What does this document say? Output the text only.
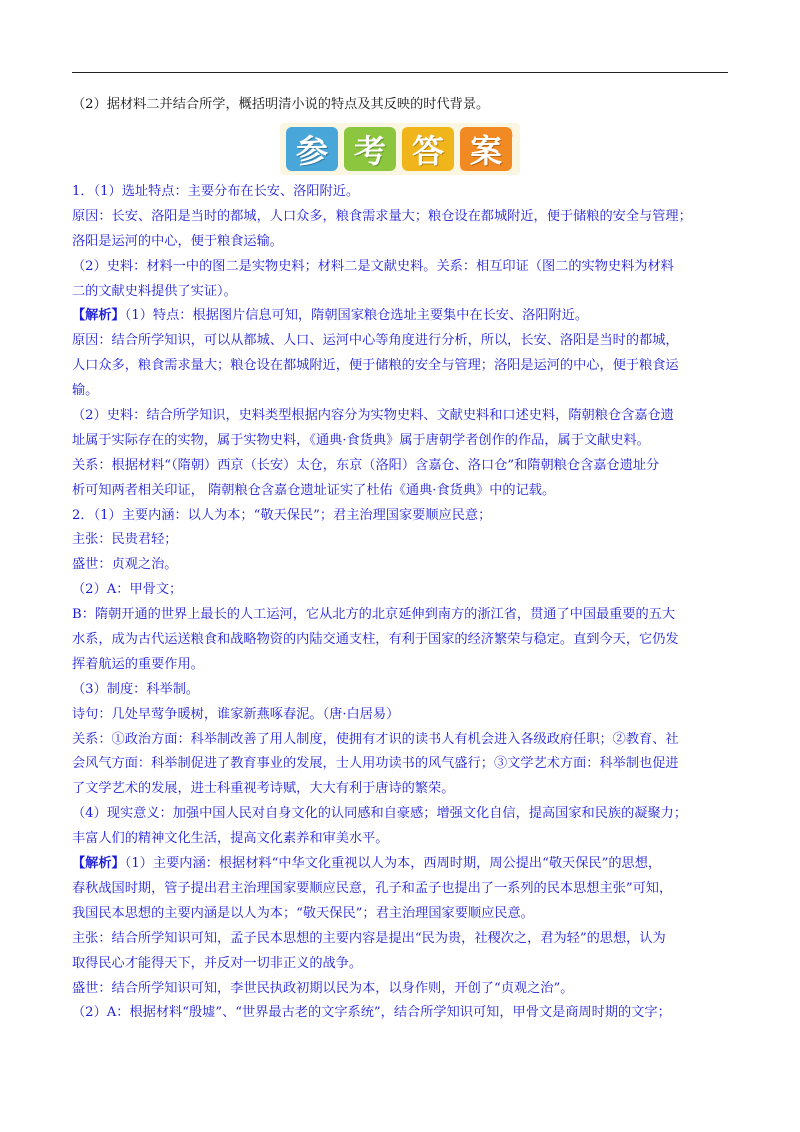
（2）据材料二并结合所学，概括明清小说的特点及其反映的时代背景。
参 考 答 案
1．（1）选址特点：主要分布在长安、洛阳附近。
原因：长安、洛阳是当时的都城，人口众多，粮食需求量大；粮仓设在都城附近，便于储粮的安全与管理；
洛阳是运河的中心，便于粮食运输。
（2）史料：材料一中的图二是实物史料；材料二是文献史料。关系：相互印证（图二的实物史料为材料
二的文献史料提供了实证）。
【解析】（1）特点：根据图片信息可知，隋朝国家粮仓选址主要集中在长安、洛阳附近。
原因：结合所学知识，可以从都城、人口、运河中心等角度进行分析，所以，长安、洛阳是当时的都城，
人口众多，粮食需求量大；粮仓设在都城附近，便于储粮的安全与管理；洛阳是运河的中心，便于粮食运
输。
（2）史料：结合所学知识，史料类型根据内容分为实物史料、文献史料和口述史料，隋朝粮仓含嘉仓遗
址属于实际存在的实物，属于实物史料，《通典·食货典》属于唐朝学者创作的作品，属于文献史料。
关系：根据材料“（隋朝）西京（长安）太仓，东京（洛阳）含嘉仓、洛口仓”和隋朝粮仓含嘉仓遗址分
析可知两者相关印证， 隋朝粮仓含嘉仓遗址证实了杜佑《通典·食货典》中的记载。
2．（1）主要内涵：以人为本；“敬天保民”；君主治理国家要顺应民意；
主张：民贵君轻；
盛世：贞观之治。
（2）A：甲骨文；
B：隋朝开通的世界上最长的人工运河，它从北方的北京延伸到南方的浙江省，贯通了中国最重要的五大
水系，成为古代运送粮食和战略物资的内陆交通支柱，有利于国家的经济繁荣与稳定。直到今天，它仍发
挥着航运的重要作用。
（3）制度：科举制。
诗句：几处早莺争暖树，谁家新燕啄春泥。（唐·白居易）
关系：①政治方面：科举制改善了用人制度，使拥有才识的读书人有机会进入各级政府任职；②教育、社
会风气方面：科举制促进了教育事业的发展，士人用功读书的风气盛行；③文学艺术方面：科举制也促进
了文学艺术的发展，进士科重视考诗赋，大大有利于唐诗的繁荣。
（4）现实意义：加强中国人民对自身文化的认同感和自豪感；增强文化自信，提高国家和民族的凝聚力；
丰富人们的精神文化生活，提高文化素养和审美水平。
【解析】（1）主要内涵：根据材料“中华文化重视以人为本，西周时期，周公提出“敬天保民”的思想，
春秋战国时期，管子提出君主治理国家要顺应民意，孔子和孟子也提出了一系列的民本思想主张”可知，
我国民本思想的主要内涵是以人为本；“敬天保民”；君主治理国家要顺应民意。
主张：结合所学知识可知，孟子民本思想的主要内容是提出“民为贵，社稷次之，君为轻”的思想，认为
取得民心才能得天下，并反对一切非正义的战争。
盛世：结合所学知识可知，李世民执政初期以民为本，以身作则，开创了“贞观之治”。
（2）A：根据材料“殷墟”、“世界最古老的文字系统”，结合所学知识可知，甲骨文是商周时期的文字；
